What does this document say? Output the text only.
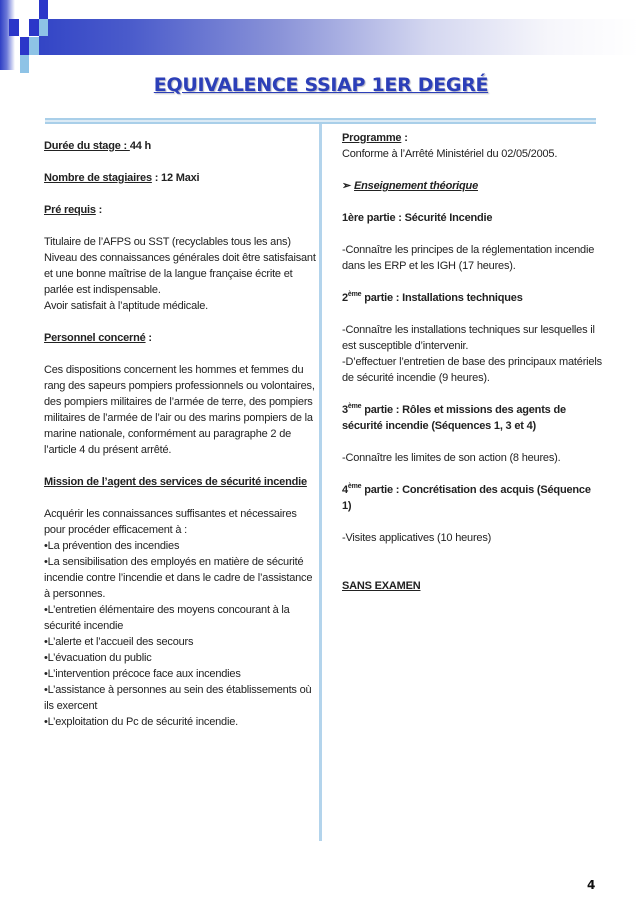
EQUIVALENCE SSIAP 1ER DEGRÉ

Durée du stage : 44 h

Nombre de stagiaires : 12 Maxi

Pré requis :

Titulaire de l’AFPS ou SST (recyclables tous les ans)

Niveau des connaissances générales doit être satisfaisant et une bonne maîtrise de la langue française écrite et parlée est indispensable.

Avoir satisfait à l’aptitude médicale.

Personnel concerné :

Ces dispositions concernent les hommes et femmes du rang des sapeurs pompiers professionnels ou volontaires, des pompiers militaires de l’armée de terre, des pompiers militaires de l’armée de l’air ou des marins pompiers de la marine nationale, conformément au paragraphe 2 de l’article 4 du présent arrêté.

Mission de l’agent des services de sécurité incendie

Acquérir les connaissances suffisantes et nécessaires pour procéder efficacement à :

•La prévention des incendies

•La sensibilisation des employés en matière de sécurité incendie contre l’incendie et dans le cadre de l’assistance à personnes.

•L’entretien élémentaire des moyens concourant à la sécurité incendie

•L’alerte et l’accueil des secours

•L’évacuation du public

•L’intervention précoce face aux incendies

•L’assistance à personnes au sein des établissements où ils exercent

•L’exploitation du Pc de sécurité incendie.

Programme :

Conforme à l’Arrêté Ministériel du 02/05/2005.

➢ Enseignement théorique

1ère partie : Sécurité Incendie

-Connaître les principes de la réglementation incendie dans les ERP et les IGH (17 heures).

2ème partie : Installations techniques

-Connaître les installations techniques sur lesquelles il est susceptible d’intervenir.

-D’effectuer l’entretien de base des principaux matériels de sécurité incendie (9 heures).

3ème partie : Rôles et missions des agents de sécurité incendie (Séquences 1, 3 et 4)

-Connaître les limites de son action (8 heures).

4ème partie : Concrétisation des acquis (Séquence 1)

-Visites applicatives (10 heures)

SANS EXAMEN

4
